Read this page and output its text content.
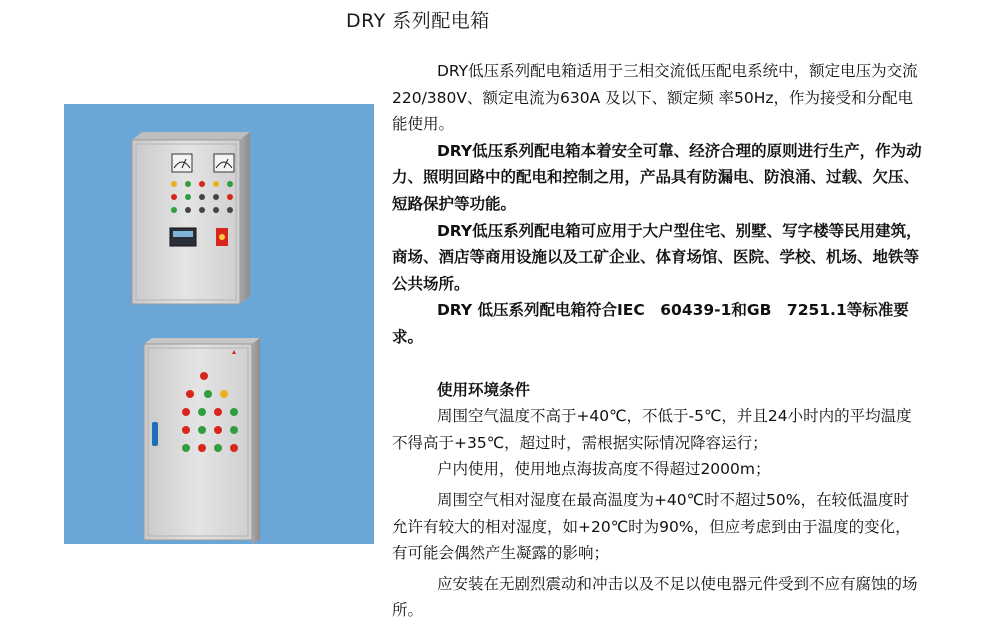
DRY 系列配电箱

DRY低压系列配电箱适用于三相交流低压配电系统中，额定电压为交流220/380V、额定电流为630A 及以下、额定频 率50Hz，作为接受和分配电能使用。

DRY低压系列配电箱本着安全可靠、经济合理的原则进行生产，作为动力、照明回路中的配电和控制之用，产品具有防漏电、防浪涌、过载、欠压、短路保护等功能。

DRY低压系列配电箱可应用于大户型住宅、别墅、写字楼等民用建筑，商场、酒店等商用设施以及工矿企业、体育场馆、医院、学校、机场、地铁等公共场所。

DRY 低压系列配电箱符合IEC　60439-1和GB　7251.1等标准要求。

使用环境条件

周围空气温度不高于+40℃，不低于-5℃，并且24小时内的平均温度不得高于+35℃，超过时，需根据实际情况降容运行；

户内使用，使用地点海拔高度不得超过2000m；

周围空气相对湿度在最高温度为+40℃时不超过50%，在较低温度时允许有较大的相对湿度，如+20℃时为90%，但应考虑到由于温度的变化，有可能会偶然产生凝露的影响；

应安装在无剧烈震动和冲击以及不足以使电器元件受到不应有腐蚀的场所。
